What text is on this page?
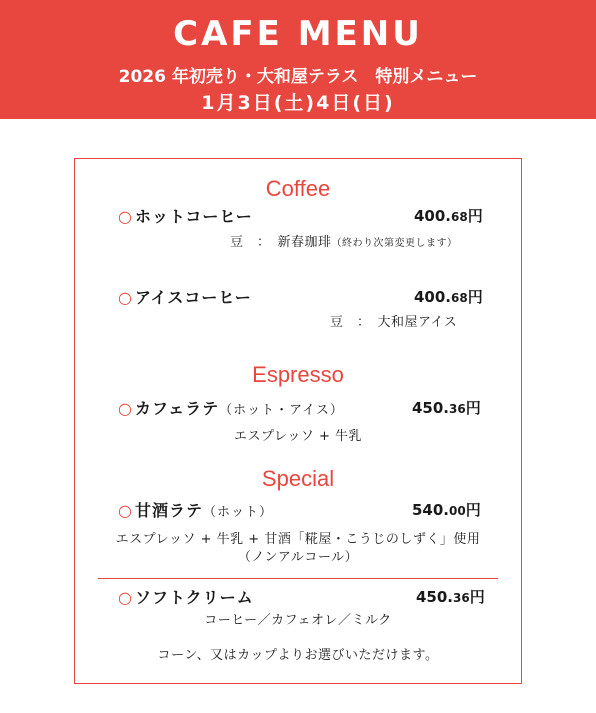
CAFE MENU
2026 年初売り・大和屋テラス　特別メニュー
1月3日(土)4日(日)
Coffee
○ ホットコーヒー	400.68円
豆　：　新春珈琲（終わり次第変更します）
○ アイスコーヒー	400.68円
豆　：　大和屋アイス
Espresso
○ カフェラテ（ホット・アイス）	450.36円
エスプレッソ + 牛乳
Special
○ 甘酒ラテ（ホット）	540.00円
エスプレッソ + 牛乳 + 甘酒「糀屋・こうじのしずく」使用
（ノンアルコール）
○ ソフトクリーム	450.36円
コーヒー／カフェオレ／ミルク
コーン、又はカップよりお選びいただけます。
